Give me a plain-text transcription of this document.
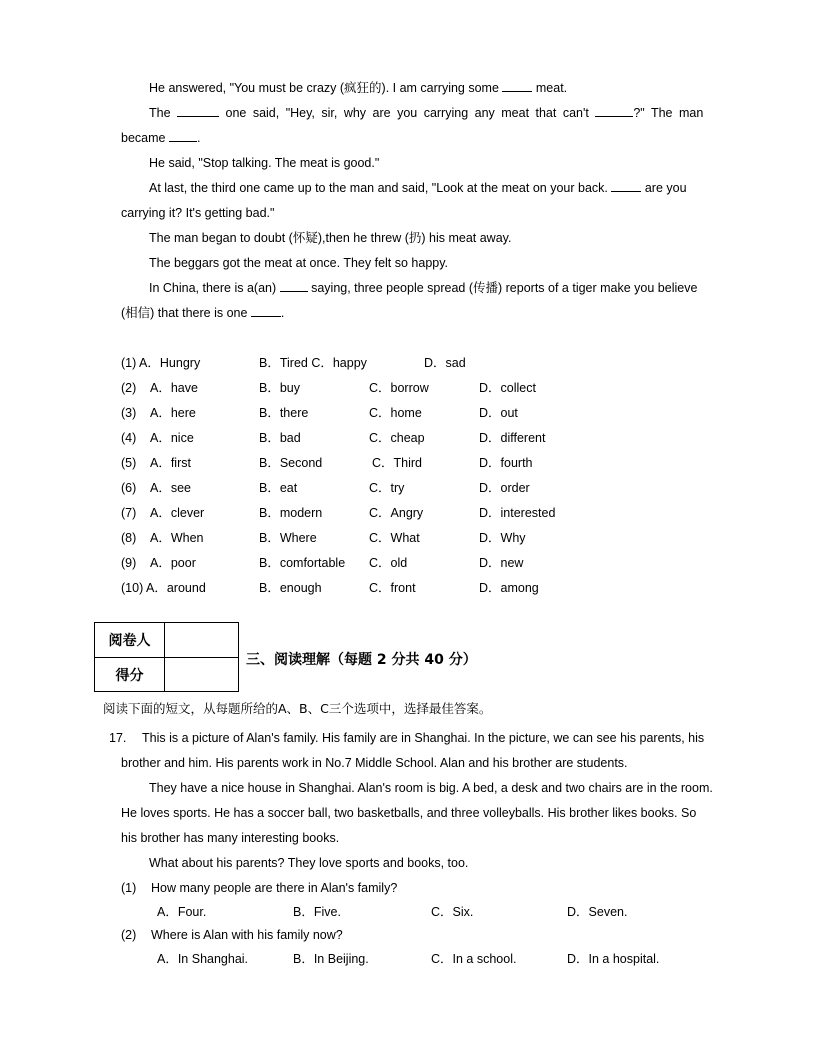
He answered, "You must be crazy (疯狂的). I am carrying some  meat.
The	one said, "Hey, sir, why are you carrying any meat that can't	?" The man
became .
He said, "Stop talking. The meat is good."
At last, the third one came up to the man and said, "Look at the meat on your back.  are you
carrying it? It's getting bad."
The man began to doubt (怀疑),then he threw (扔) his meat away.
The beggars got the meat at once. They felt so happy.
In China, there is a(an)  saying, three people spread (传播) reports of a tiger make you believe
(相信) that there is one .
(1) A．Hungry	B．Tired C．happy	D．sad
(2) A．have	B．buy	C．borrow	D．collect
(3) A．here	B．there	C．home	D．out
(4) A．nice	B．bad	C．cheap	D．different
(5) A．first	B．Second	C．Third	D．fourth
(6) A．see	B．eat	C．try	D．order
(7) A．clever	B．modern	C．Angry	D．interested
(8) A．When	B．Where	C．What	D．Why
(9) A．poor	B．comfortable C．old	D．new
(10) A．around	B．enough	C．front	D．among
阅卷人
得分
三、阅读理解（每题 2 分共 40 分）
阅读下面的短文，从每题所给的A、B、C三个选项中，选择最佳答案。
17. This is a picture of Alan's family. His family are in Shanghai. In the picture, we can see his parents, his
brother and him. His parents work in No.7 Middle School. Alan and his brother are students.
They have a nice house in Shanghai. Alan's room is big. A bed, a desk and two chairs are in the room.
He loves sports. He has a soccer ball, two basketballs, and three volleyballs. His brother likes books. So
his brother has many interesting books.
What about his parents? They love sports and books, too.
(1) How many people are there in Alan's family?
A．Four.	B．Five.	C．Six.	D．Seven.
(2) Where is Alan with his family now?
A．In Shanghai.	B．In Beijing.	C．In a school.	D．In a hospital.
